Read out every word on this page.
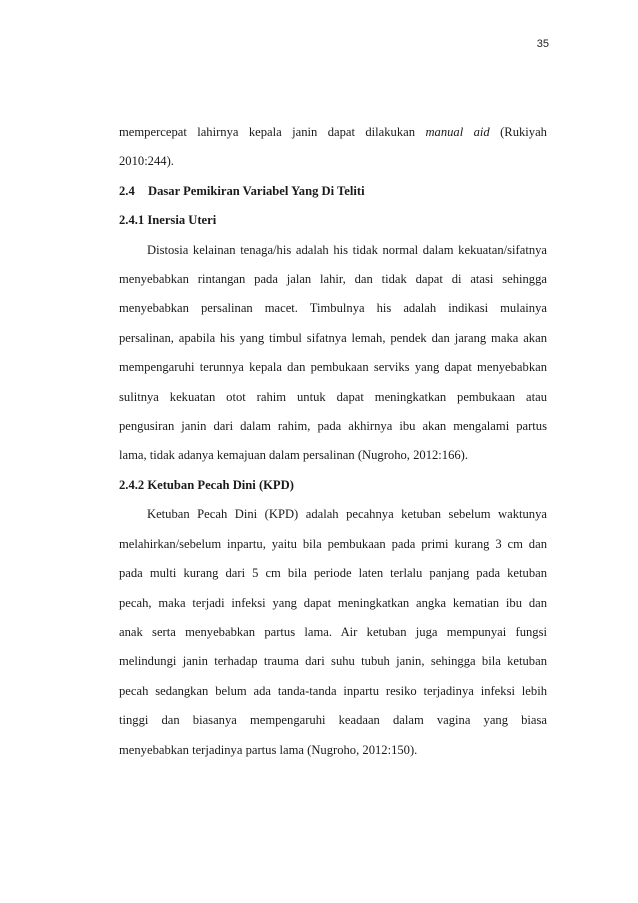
35

mempercepat lahirnya kepala janin dapat dilakukan manual aid (Rukiyah

2010:244).

2.4 Dasar Pemikiran Variabel Yang Di Teliti

2.4.1 Inersia Uteri

Distosia kelainan tenaga/his adalah his tidak normal dalam kekuatan/sifatnya

menyebabkan rintangan pada jalan lahir, dan tidak dapat di atasi sehingga

menyebabkan persalinan macet. Timbulnya his adalah indikasi mulainya

persalinan, apabila his yang timbul sifatnya lemah, pendek dan jarang maka akan

mempengaruhi terunnya kepala dan pembukaan serviks yang dapat menyebabkan

sulitnya kekuatan otot rahim untuk dapat meningkatkan pembukaan atau

pengusiran janin dari dalam rahim, pada akhirnya ibu akan mengalami partus

lama, tidak adanya kemajuan dalam persalinan (Nugroho, 2012:166).

2.4.2 Ketuban Pecah Dini (KPD)

Ketuban Pecah Dini (KPD) adalah pecahnya ketuban sebelum waktunya

melahirkan/sebelum inpartu, yaitu bila pembukaan pada primi kurang 3 cm dan

pada multi kurang dari 5 cm bila periode laten terlalu panjang pada ketuban

pecah, maka terjadi infeksi yang dapat meningkatkan angka kematian ibu dan

anak serta menyebabkan partus lama. Air ketuban juga mempunyai fungsi

melindungi janin terhadap trauma dari suhu tubuh janin, sehingga bila ketuban

pecah sedangkan belum ada tanda-tanda inpartu resiko terjadinya infeksi lebih

tinggi dan biasanya mempengaruhi keadaan dalam vagina yang biasa

menyebabkan terjadinya partus lama (Nugroho, 2012:150).
